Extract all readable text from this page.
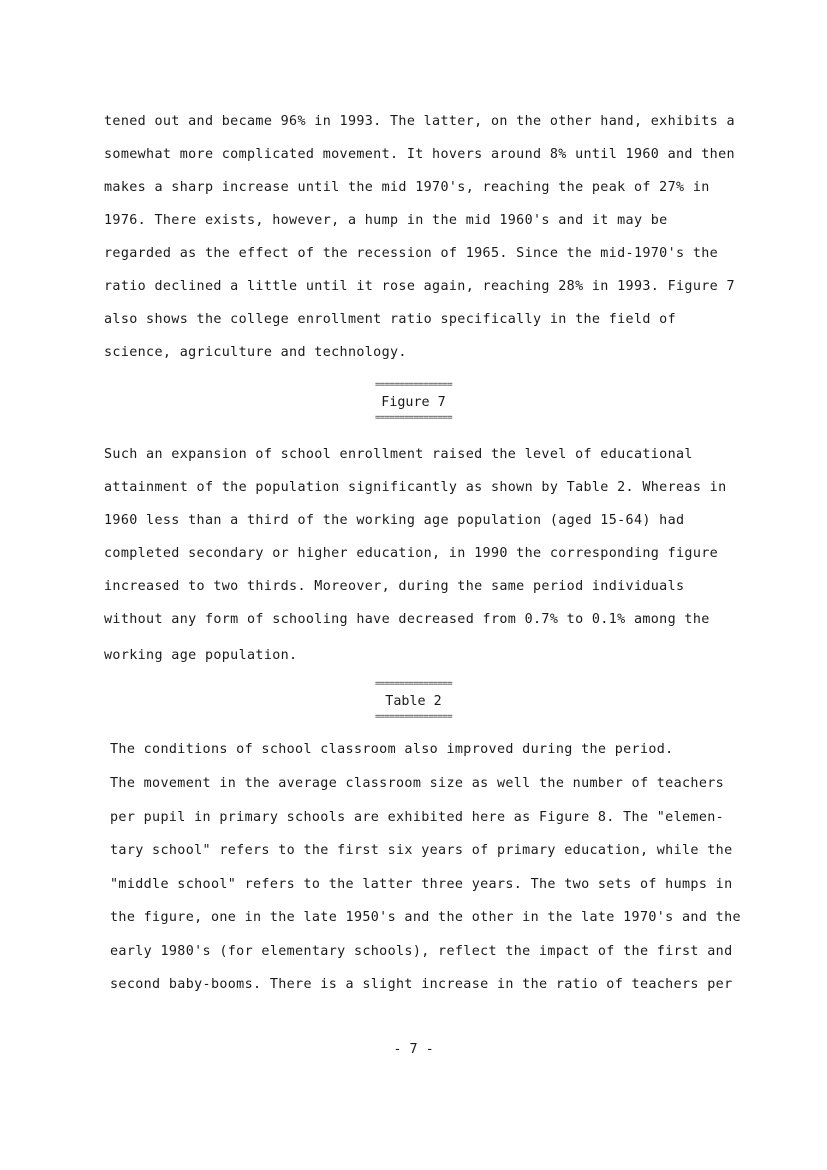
tened out and became 96% in 1993. The latter, on the other hand, exhibits a
somewhat more complicated movement. It hovers around 8% until 1960 and then
makes a sharp increase until the mid 1970's, reaching the peak of 27% in
1976. There exists, however, a hump in the mid 1960's and it may be
regarded as the effect of the recession of 1965. Since the mid-1970's the
ratio declined a little until it rose again, reaching 28% in 1993. Figure 7
also shows the college enrollment ratio specifically in the field of
science, agriculture and technology.
================
Figure 7
================
Such an expansion of school enrollment raised the level of educational
attainment of the population significantly as shown by Table 2. Whereas in
1960 less than a third of the working age population (aged 15-64) had
completed secondary or higher education, in 1990 the corresponding figure
increased to two thirds. Moreover, during the same period individuals
without any form of schooling have decreased from 0.7% to 0.1% among the
working age population.
================
Table 2
================
The conditions of school classroom also improved during the period.
The movement in the average classroom size as well the number of teachers
per pupil in primary schools are exhibited here as Figure 8. The "elemen-
tary school" refers to the first six years of primary education, while the
"middle school" refers to the latter three years. The two sets of humps in
the figure, one in the late 1950's and the other in the late 1970's and the
early 1980's (for elementary schools), reflect the impact of the first and
second baby-booms. There is a slight increase in the ratio of teachers per
- 7 -
